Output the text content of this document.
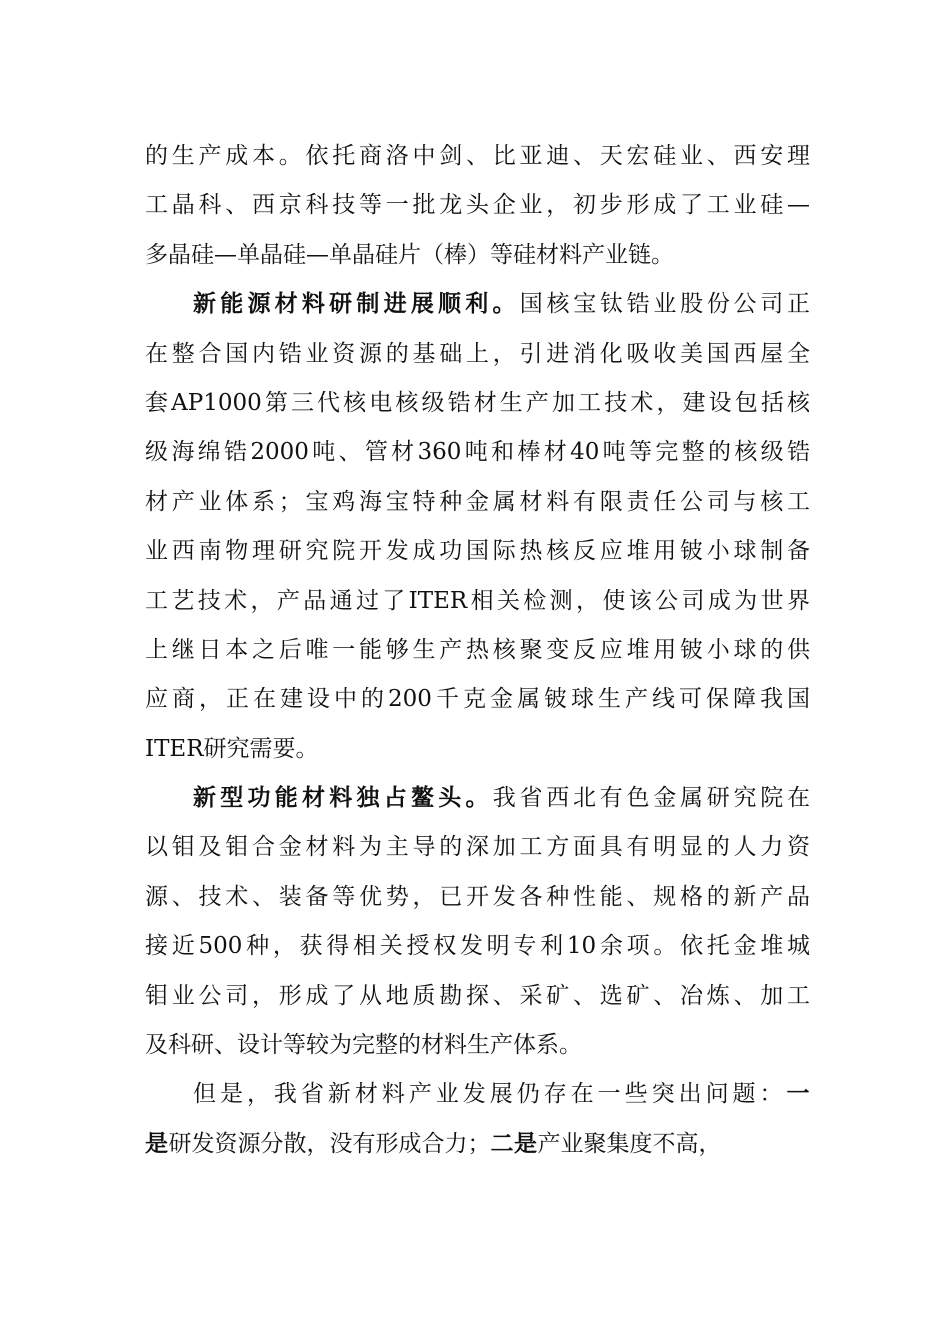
的生产成本。依托商洛中剑、比亚迪、天宏硅业、西安理
工晶科、西京科技等一批龙头企业，初步形成了工业硅—
多晶硅—单晶硅—单晶硅片（棒）等硅材料产业链。
新能源材料研制进展顺利。国核宝钛锆业股份公司正
在整合国内锆业资源的基础上，引进消化吸收美国西屋全
套AP1000第三代核电核级锆材生产加工技术，建设包括核
级海绵锆2000吨、管材360吨和棒材40吨等完整的核级锆
材产业体系；宝鸡海宝特种金属材料有限责任公司与核工
业西南物理研究院开发成功国际热核反应堆用铍小球制备
工艺技术，产品通过了ITER相关检测，使该公司成为世界
上继日本之后唯一能够生产热核聚变反应堆用铍小球的供
应商，正在建设中的200千克金属铍球生产线可保障我国
ITER研究需要。
新型功能材料独占鳌头。我省西北有色金属研究院在
以钼及钼合金材料为主导的深加工方面具有明显的人力资
源、技术、装备等优势，已开发各种性能、规格的新产品
接近500种，获得相关授权发明专利10余项。依托金堆城
钼业公司，形成了从地质勘探、采矿、选矿、冶炼、加工
及科研、设计等较为完整的材料生产体系。
但是，我省新材料产业发展仍存在一些突出问题：一
是研发资源分散，没有形成合力；二是产业聚集度不高，
